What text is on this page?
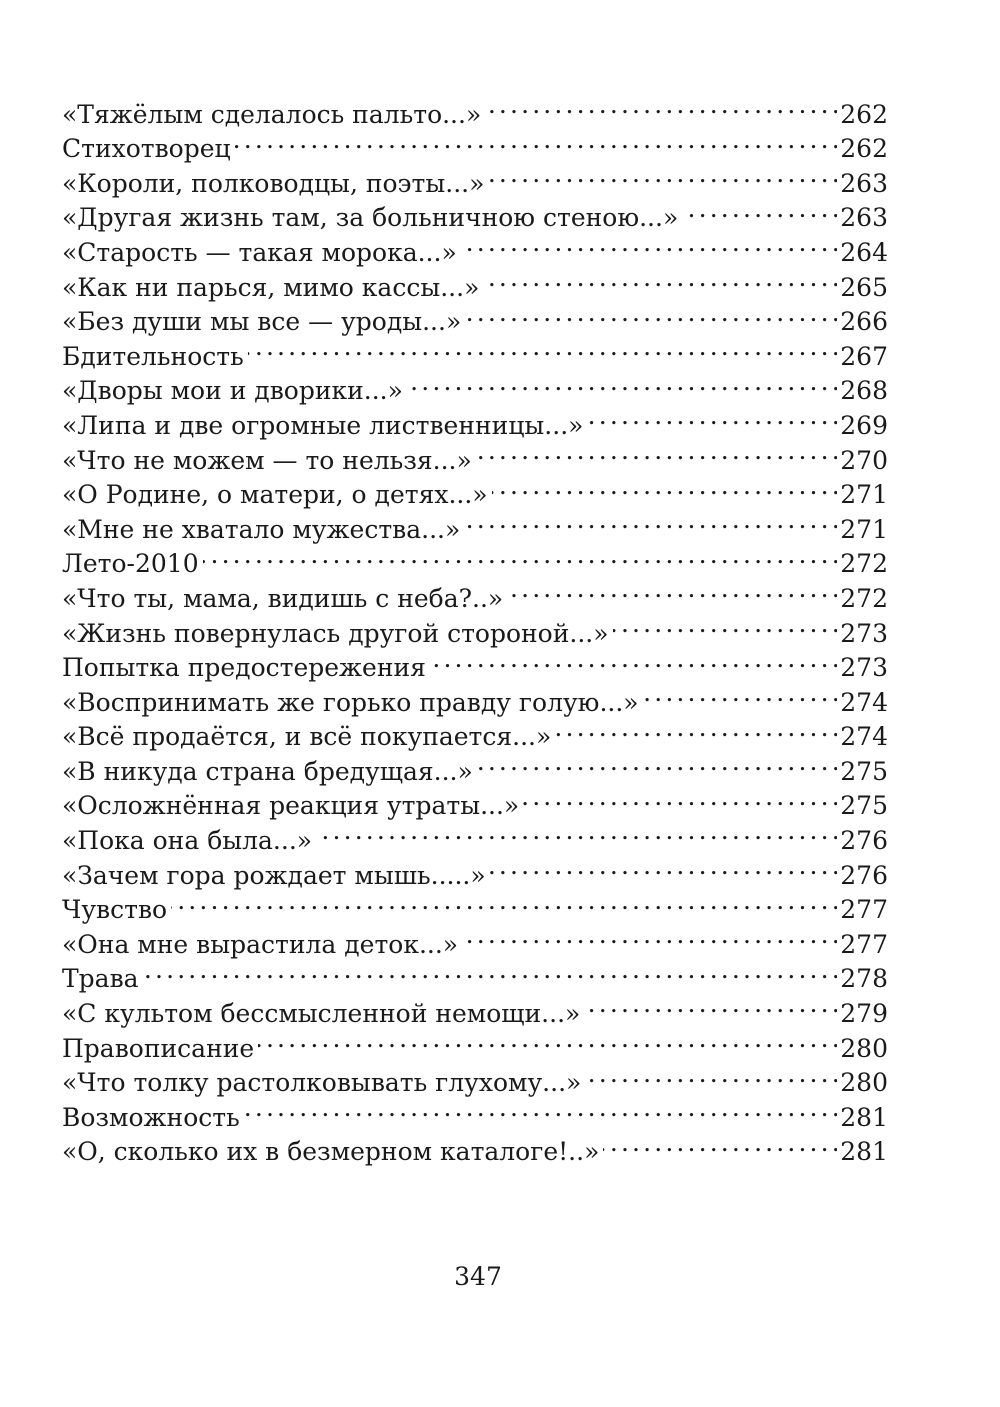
«Тяжёлым сделалось пальто...» . . .	262
Стихотворец . . .	262
«Короли, полководцы, поэты...» . . .	263
«Другая жизнь там, за больничною стеною...» . . .	263
«Старость — такая морока...» . . .	264
«Как ни парься, мимо кассы...» . . .	265
«Без души мы все — уроды...» . . .	266
Бдительность . . .	267
«Дворы мои и дворики...» . . .	268
«Липа и две огромные лиственницы...» . . .	269
«Что не можем — то нельзя...» . . .	270
«О Родине, о матери, о детях...» . . .	271
«Мне не хватало мужества...» . . .	271
Лето-2010 . . .	272
«Что ты, мама, видишь с неба?..» . . .	272
«Жизнь повернулась другой стороной...» . . .	273
Попытка предостережения . . .	273
«Воспринимать же горько правду голую...» . . .	274
«Всё продаётся, и всё покупается...» . . .	274
«В никуда страна бредущая...» . . .	275
«Осложнённая реакция утраты...» . . .	275
«Пока она была...» . . .	276
«Зачем гора рождает мышь.....» . . .	276
Чувство . . .	277
«Она мне вырастила деток...» . . .	277
Трава . . .	278
«С культом бессмысленной немощи...» . . .	279
Правописание . . .	280
«Что толку растолковывать глухому...» . . .	280
Возможность . . .	281
«О, сколько их в безмерном каталоге!..» . . .	281
347
